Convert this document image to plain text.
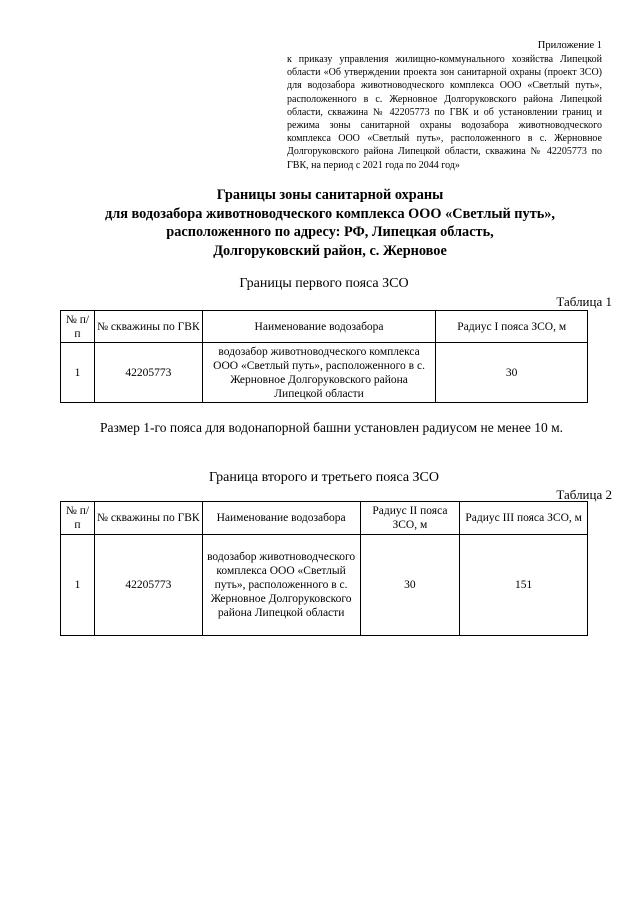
Приложение 1
к приказу управления жилищно-коммунального хозяйства Липецкой области «Об утверждении проекта зон санитарной охраны (проект ЗСО) для водозабора животноводческого комплекса ООО «Светлый путь», расположенного в с. Жерновное Долгоруковского района Липецкой области, скважина № 42205773 по ГВК и об установлении границ и режима зоны санитарной охраны водозабора животноводческого комплекса ООО «Светлый путь», расположенного в с. Жерновное Долгоруковского района Липецкой области, скважина № 42205773 по ГВК, на период с 2021 года по 2044 год»
Границы зоны санитарной охраны
для водозабора животноводческого комплекса ООО «Светлый путь»,
расположенного по адресу: РФ, Липецкая область,
Долгоруковский район, с. Жерновое
Границы первого пояса ЗСО
Таблица 1
№ п/п	№ скважины по ГВК	Наименование водозабора	Радиус I пояса ЗСО, м
1	42205773	водозабор животноводческого комплекса ООО «Светлый путь», расположенного в с. Жерновное Долгоруковского района Липецкой области	30
Размер 1-го пояса для водонапорной башни установлен радиусом не менее 10 м.
Граница второго и третьего пояса ЗСО
Таблица 2
№ п/п	№ скважины по ГВК	Наименование водозабора	Радиус II пояса ЗСО, м	Радиус III пояса ЗСО, м
1	42205773	водозабор животноводческого комплекса ООО «Светлый путь», расположенного в с. Жерновное Долгоруковского района Липецкой области	30	151
